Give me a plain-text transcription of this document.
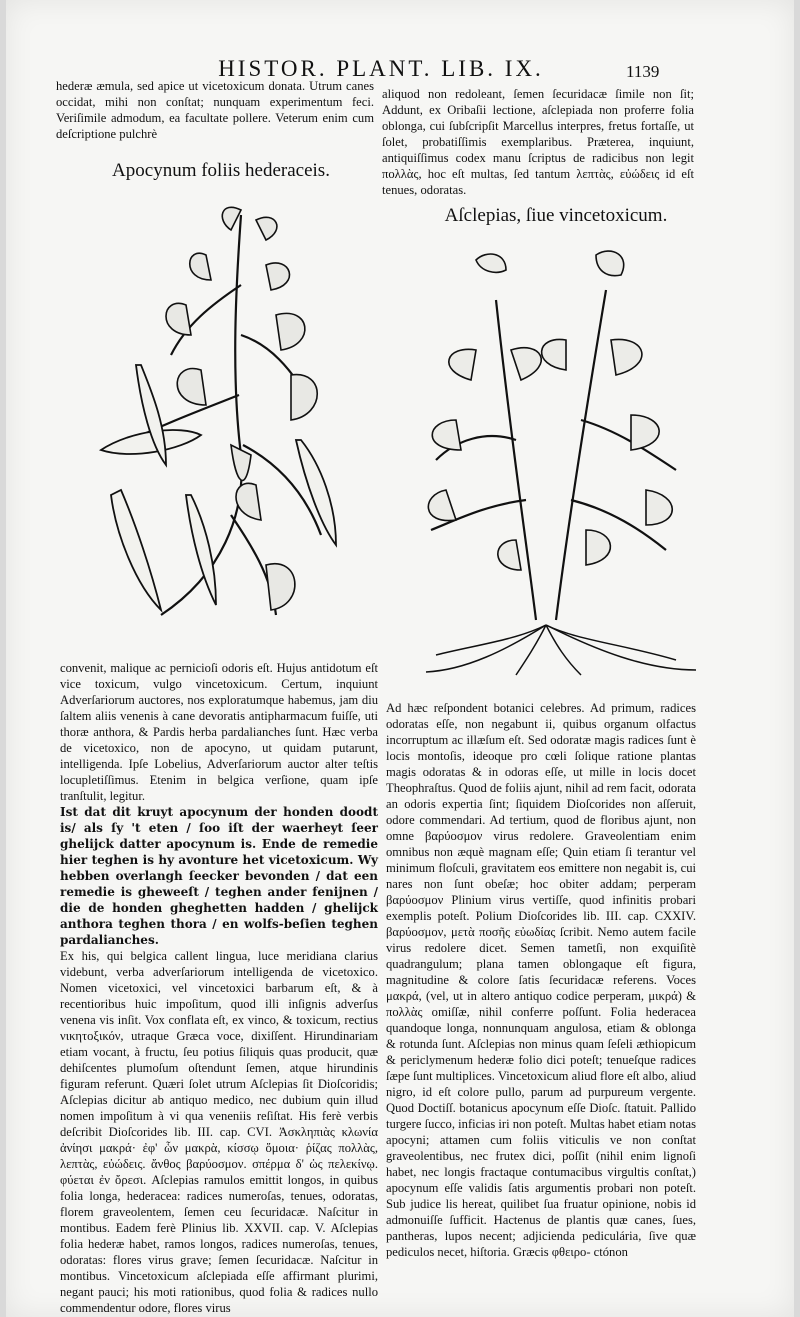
HISTOR. PLANT. LIB. IX.	1139

hederæ æmula, sed apice ut vicetoxicum donata. Utrum canes occidat, mihi non conſtat; nunquam experimentum feci. Veriſimile admodum, ea facultate pollere. Veterum enim cum deſcriptione pulchrè

aliquod non redoleant, ſemen ſecuridacæ ſimile non ſit; Addunt, ex Oribaſii lectione, aſclepiada non proferre folia oblonga, cui ſubſcripſit Marcellus interpres, fretus fortaſſe, ut ſolet, probatiſſimis exemplaribus. Præterea, inquiunt, antiquiſſimus codex manu ſcriptus de radicibus non legit πολλὰς, hoc eſt multas, ſed tantum λεπτὰς, εὐώδεις id eſt tenues, odoratas.

Apocynum foliis hederaceis.
Aſclepias, ſiue vincetoxicum.

convenit, malique ac pernicioſi odoris eſt. Hujus antidotum eſt vice toxicum, vulgo vincetoxicum. Certum, inquiunt Adverſariorum auctores, nos exploratumque habemus, jam diu ſaltem aliis venenis à cane devoratis antipharmacum fuiſſe, uti thoræ anthora, & Pardis herba pardalianches ſunt. Hæc verba de vicetoxico, non de apocyno, ut quidam putarunt, intelligenda. Ipſe Lobelius, Adverſariorum auctor alter teſtis locupletiſſimus. Etenim in belgica verſione, quam ipſe tranſtulit, legitur.

Ist dat dit kruyt apocynum der honden doodt is/ als ſy 't eten / ſoo iſt der waerheyt ſeer ghelijck datter apocynum is. Ende de remedie hier teghen is hy avonture het vicetoxicum. Wy hebben overlangh ſeecker bevonden / dat een remedie is gheweeſt / teghen ander fenijnen / die de honden gheghetten hadden / ghelijck anthora teghen thora / en wolfs-beſien teghen pardalianches.

Ex his, qui belgica callent lingua, luce meridiana clarius videbunt, verba adverſariorum intelligenda de vicetoxico. Nomen vicetoxici, vel vincetoxici barbarum eſt, & à recentioribus huic impoſitum, quod illi inſignis adverſus venena vis inſit. Vox conflata eſt, ex vinco, & toxicum, rectius νικητοξικόν, utraque Græca voce, dixiſſent. Hirundinariam etiam vocant, à fructu, ſeu potius ſiliquis quas producit, quæ dehiſcentes plumoſum oſtendunt ſemen, atque hirundinis figuram referunt. Quæri ſolet utrum Aſclepias ſit Dioſcoridis; Aſclepias dicitur ab antiquo medico, nec dubium quin illud nomen impoſitum à vi qua veneniis reſiſtat. His ferè verbis deſcribit Dioſcorides lib. III. cap. CVI. Ἀσκληπιὰς κλωνία ἀνίησι μακρά· ἐφ' ὧν μακρὰ, κίσσῳ ὅμοια· ῥίζας πολλὰς, λεπτὰς, εὐώδεις. ἄνθος βαρύοσμον. σπέρμα δ' ὡς πελεκίνῳ. φύεται ἐν ὄρεσι. Aſclepias ramulos emittit longos, in quibus folia longa, hederacea: radices numeroſas, tenues, odoratas, florem graveolentem, ſemen ceu ſecuridacæ. Naſcitur in montibus. Eadem ferè Plinius lib. XXVII. cap. V. Aſclepias folia hederæ habet, ramos longos, radices numeroſas, tenues, odoratas: flores virus grave; ſemen ſecuridacæ. Naſcitur in montibus. Vincetoxicum aſclepiada eſſe affirmant plurimi, negant pauci; his moti rationibus, quod folia & radices nullo commendentur odore, flores virus

Ad hæc reſpondent botanici celebres. Ad primum, radices odoratas eſſe, non negabunt ii, quibus organum olfactus incorruptum ac illæſum eſt. Sed odoratæ magis radices ſunt è locis montoſis, ideoque pro cœli ſolique ratione plantas magis odoratas & in odoras eſſe, ut mille in locis docet Theophraſtus. Quod de foliis ajunt, nihil ad rem facit, odorata an odoris expertia ſint; ſiquidem Dioſcorides non aſſeruit, odore commendari. Ad tertium, quod de floribus ajunt, non omne βαρύοσμον virus redolere. Graveolentiam enim omnibus non æquè magnam eſſe; Quin etiam ſi terantur vel minimum floſculi, gravitatem eos emittere non negabit is, cui nares non ſunt obeſæ; hoc obiter addam; perperam βαρύοσμον Plinium virus vertiſſe, quod infinitis probari exemplis poteſt. Polium Dioſcorides lib. III. cap. CXXIV. βαρύοσμον, μετὰ ποσῆς εὐωδίας ſcribit. Nemo autem facile virus redolere dicet. Semen tametſi, non exquiſitè quadrangulum; plana tamen oblongaque eſt figura, magnitudine & colore ſatis ſecuridacæ referens. Voces μακρά, (vel, ut in altero antiquo codice perperam, μικρά) & πολλὰς omiſſæ, nihil conferre poſſunt. Folia hederacea quandoque longa, nonnunquam angulosa, etiam & oblonga & rotunda ſunt. Aſclepias non minus quam ſeſeli æthiopicum & periclymenum hederæ folio dici poteſt; tenueſque radices ſæpe ſunt multiplices. Vincetoxicum aliud flore eſt albo, aliud nigro, id eſt colore pullo, parum ad purpureum vergente. Quod Doctiſſ. botanicus apocynum eſſe Dioſc. ſtatuit. Pallido turgere ſucco, inficias iri non poteſt. Multas habet etiam notas apocyni; attamen cum foliis viticulis ve non conſtat graveolentibus, nec frutex dici, poſſit (nihil enim lignoſi habet, nec longis fractaque contumacibus virgultis conſtat,) apocynum eſſe validis ſatis argumentis probari non poteſt. Sub judice lis hereat, quilibet ſua fruatur opinione, nobis id admonuiſſe ſufficit. Hactenus de plantis quæ canes, ſues, pantheras, lupos necent; adjicienda pediculária, ſive quæ pediculos necet, hiſtoria. Græcis φθειρο- ctónon
